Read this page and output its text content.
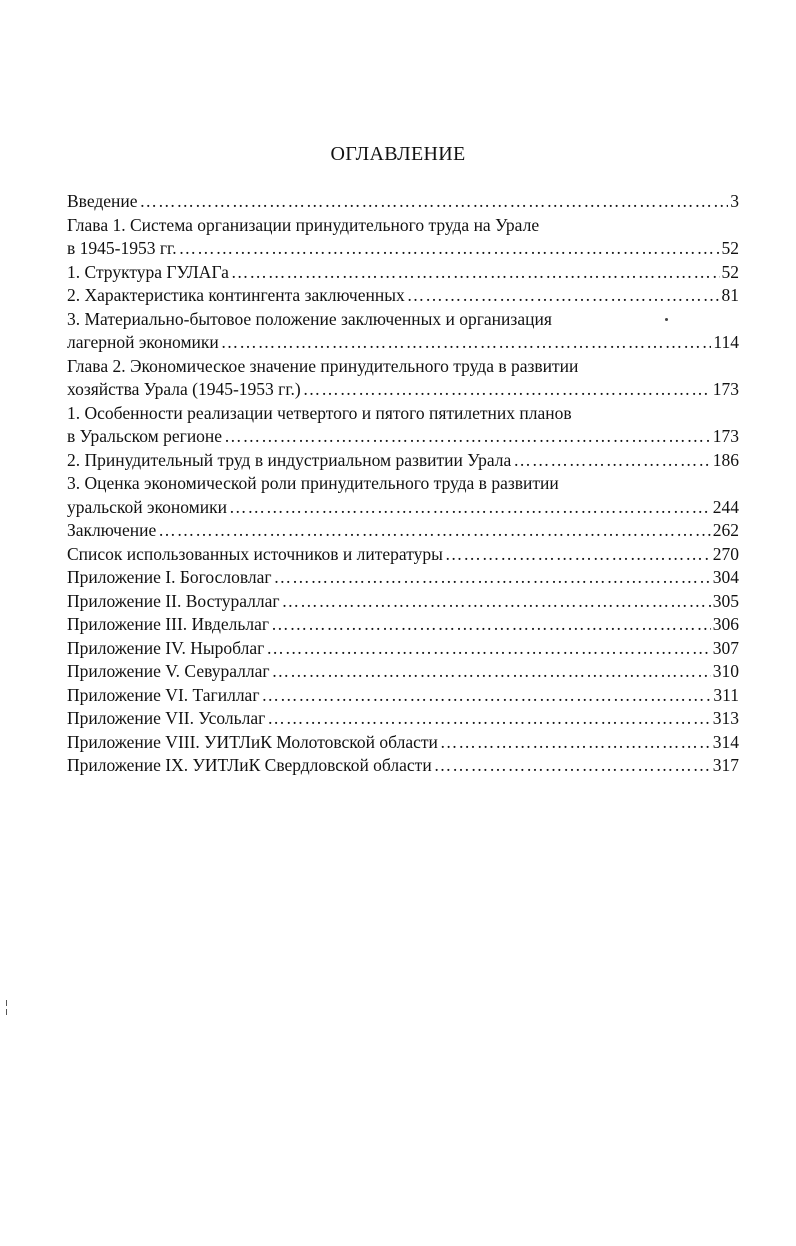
ОГЛАВЛЕНИЕ
Введение …………………………………………………………………………………………………………………………………………………………………………………	3
Глава 1. Система организации принудительного труда на Урале
в 1945-1953 гг. …………………………………………………………………………………………………………………………………………………………………………………	52
1. Структура ГУЛАГа …………………………………………………………………………………………………………………………………………………………………………………	52
2. Характеристика контингента заключенных …………………………………………………………………………………………………………………………………………………………………………………	81
3. Материально-бытовое положение заключенных и организация
лагерной экономики …………………………………………………………………………………………………………………………………………………………………………………	114
Глава 2. Экономическое значение принудительного труда в развитии
хозяйства Урала (1945-1953 гг.) …………………………………………………………………………………………………………………………………………………………………………………	173
1. Особенности реализации четвертого и пятого пятилетних планов
в Уральском регионе …………………………………………………………………………………………………………………………………………………………………………………	173
2. Принудительный труд в индустриальном развитии Урала …………………………………………………………………………………………………………………………………………………………………………………	186
3. Оценка экономической роли принудительного труда в развитии
уральской экономики …………………………………………………………………………………………………………………………………………………………………………………	244
Заключение …………………………………………………………………………………………………………………………………………………………………………………	262
Список использованных источников и литературы …………………………………………………………………………………………………………………………………………………………………………………	270
Приложение I. Богословлаг …………………………………………………………………………………………………………………………………………………………………………………	304
Приложение II. Востураллаг …………………………………………………………………………………………………………………………………………………………………………………	305
Приложение III. Ивдельлаг …………………………………………………………………………………………………………………………………………………………………………………	306
Приложение IV. Ныроблаг …………………………………………………………………………………………………………………………………………………………………………………	307
Приложение V. Севураллаг …………………………………………………………………………………………………………………………………………………………………………………	310
Приложение VI. Тагиллаг …………………………………………………………………………………………………………………………………………………………………………………	311
Приложение VII. Усольлаг …………………………………………………………………………………………………………………………………………………………………………………	313
Приложение VIII. УИТЛиК Молотовской области …………………………………………………………………………………………………………………………………………………………………………………	314
Приложение IX. УИТЛиК Свердловской области …………………………………………………………………………………………………………………………………………………………………………………	317
